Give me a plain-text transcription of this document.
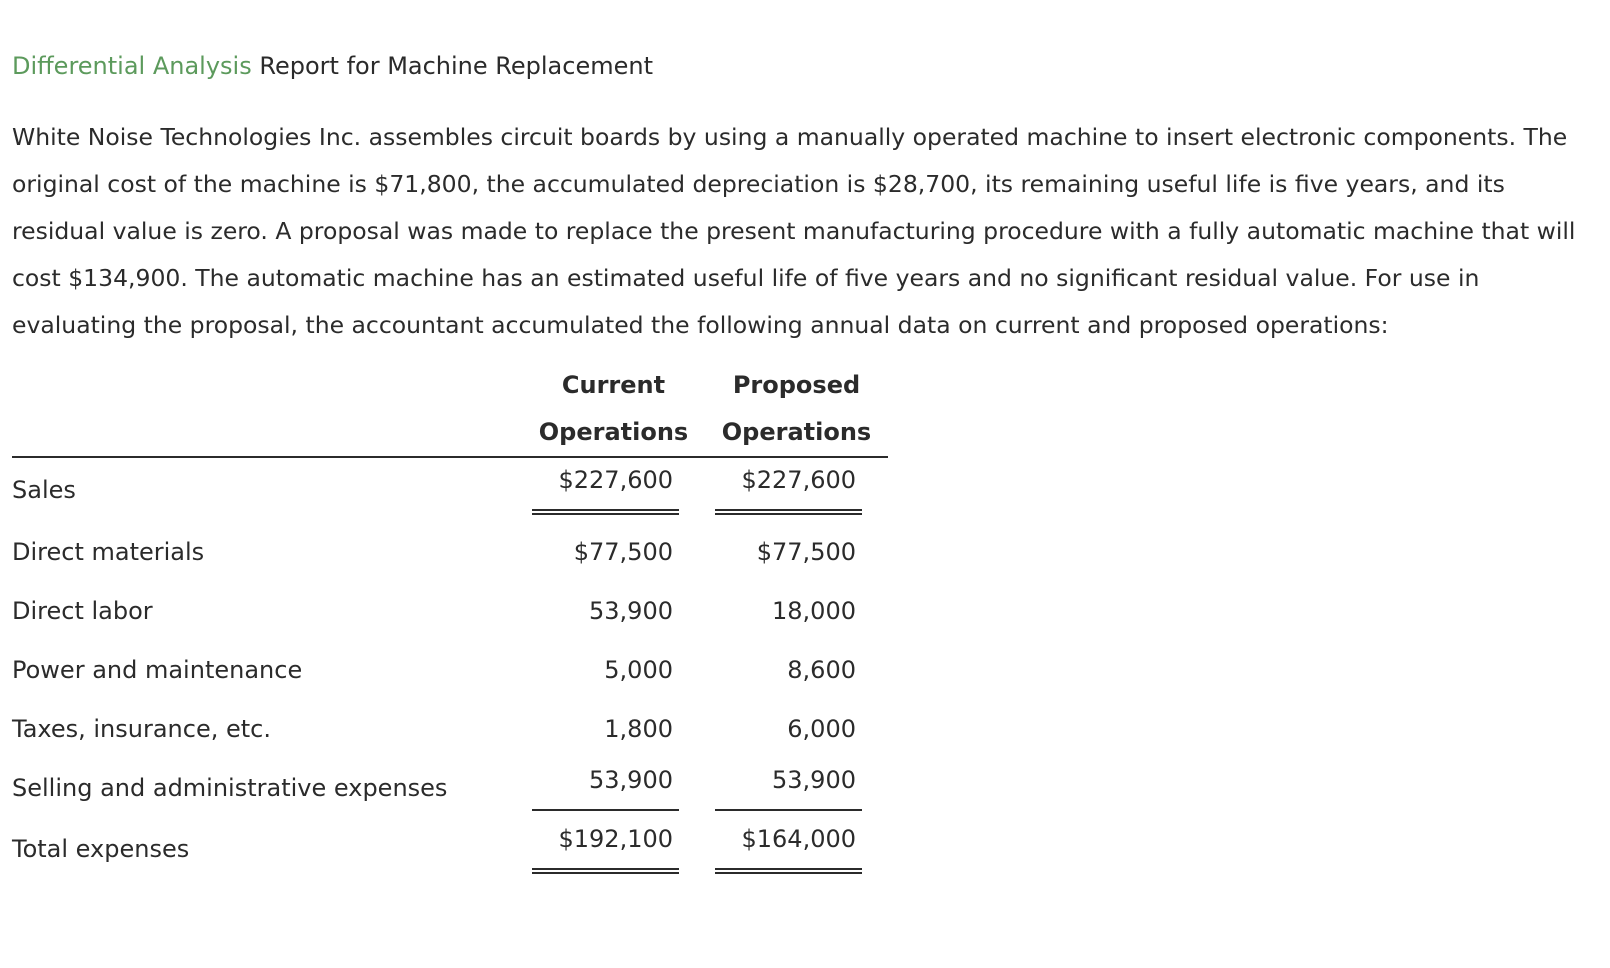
Differential Analysis Report for Machine Replacement

White Noise Technologies Inc. assembles circuit boards by using a manually operated machine to insert electronic components. The original cost of the machine is $71,800, the accumulated depreciation is $28,700, its remaining useful life is five years, and its residual value is zero. A proposal was made to replace the present manufacturing procedure with a fully automatic machine that will cost $134,900. The automatic machine has an estimated useful life of five years and no significant residual value. For use in evaluating the proposal, the accountant accumulated the following annual data on current and proposed operations:

	Current	Proposed
	Operations	Operations
Sales	$227,600	$227,600

Direct materials	$77,500	$77,500

Direct labor	53,900	18,000

Power and maintenance	5,000	8,600

Taxes, insurance, etc.	1,800	6,000

Selling and administrative expenses	53,900	53,900

Total expenses	$192,100	$164,000
